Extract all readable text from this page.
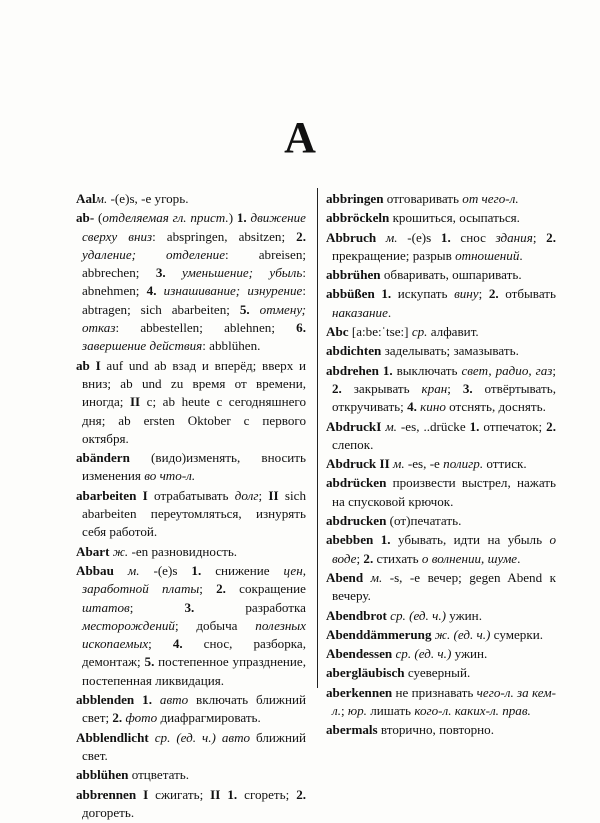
A
Aalм. -(e)s, -e угорь.
ab- (отделяемая гл. прист.) 1. движение сверху вниз: abspringen, absitzen; 2. удаление; отделение: abreisen; abbrechen; 3. уменьшение; убыль: abnehmen; 4. изнашивание; изнурение: abtragen; sich abarbeiten; 5. отмену; отказ: abbestellen; ablehnen; 6. завершение действия: abblühen.
ab I auf und ab взад и вперёд; вверх и вниз; ab und zu время от времени, иногда; II c; ab heute с сегодняшнего дня; ab ersten Oktober с первого октября.
abändern (видо)изменять, вносить изменения во что-л.
abarbeiten I отрабатывать долг; II sich abarbeiten переутомляться, изнурять себя работой.
Abart ж. -en разновидность.
Abbau м. -(e)s 1. снижение цен, заработной платы; 2. сокращение штатов; 3. разработка месторождений; добыча полезных ископаемых; 4. снос, разборка, демонтаж; 5. постепенное упразднение, постепенная ликвидация.
abblenden 1. авто включать ближний свет; 2. фото диафрагмировать.
Abblendlicht ср. (ед. ч.) авто ближний свет.
abblühen отцветать.
abbrennen I сжигать; II 1. сгореть; 2. догореть.
abbringen отговаривать от чего-л.
abbröckeln крошиться, осыпаться.
Abbruch м. -(e)s 1. снос здания; 2. прекращение; разрыв отношений.
abbrühen обваривать, ошпаривать.
abbüßen 1. искупать вину; 2. отбывать наказание.
Abc [a:be:ˈtse:] ср. алфавит.
abdichten заделывать; замазывать.
abdrehen 1. выключать свет, радио, газ; 2. закрывать кран; 3. отвёртывать, откручивать; 4. кино отснять, доснять.
AbdruckI м. -es, ..drücke 1. отпечаток; 2. слепок.
Abdruck II м. -es, -e полигр. оттиск.
abdrücken произвести выстрел, нажать на спусковой крючок.
abdrucken (от)печатать.
abebben 1. убывать, идти на убыль о воде; 2. стихать о волнении, шуме.
Abend м. -s, -e вечер; gegen Abend к вечеру.
Abendbrot ср. (ед. ч.) ужин.
Abenddämmerung ж. (ед. ч.) сумерки.
Abendessen ср. (ед. ч.) ужин.
abergläubisch суеверный.
aberkennen не признавать чего-л. за кем-л.; юр. лишать кого-л. каких-л. прав.
abermals вторично, повторно.
